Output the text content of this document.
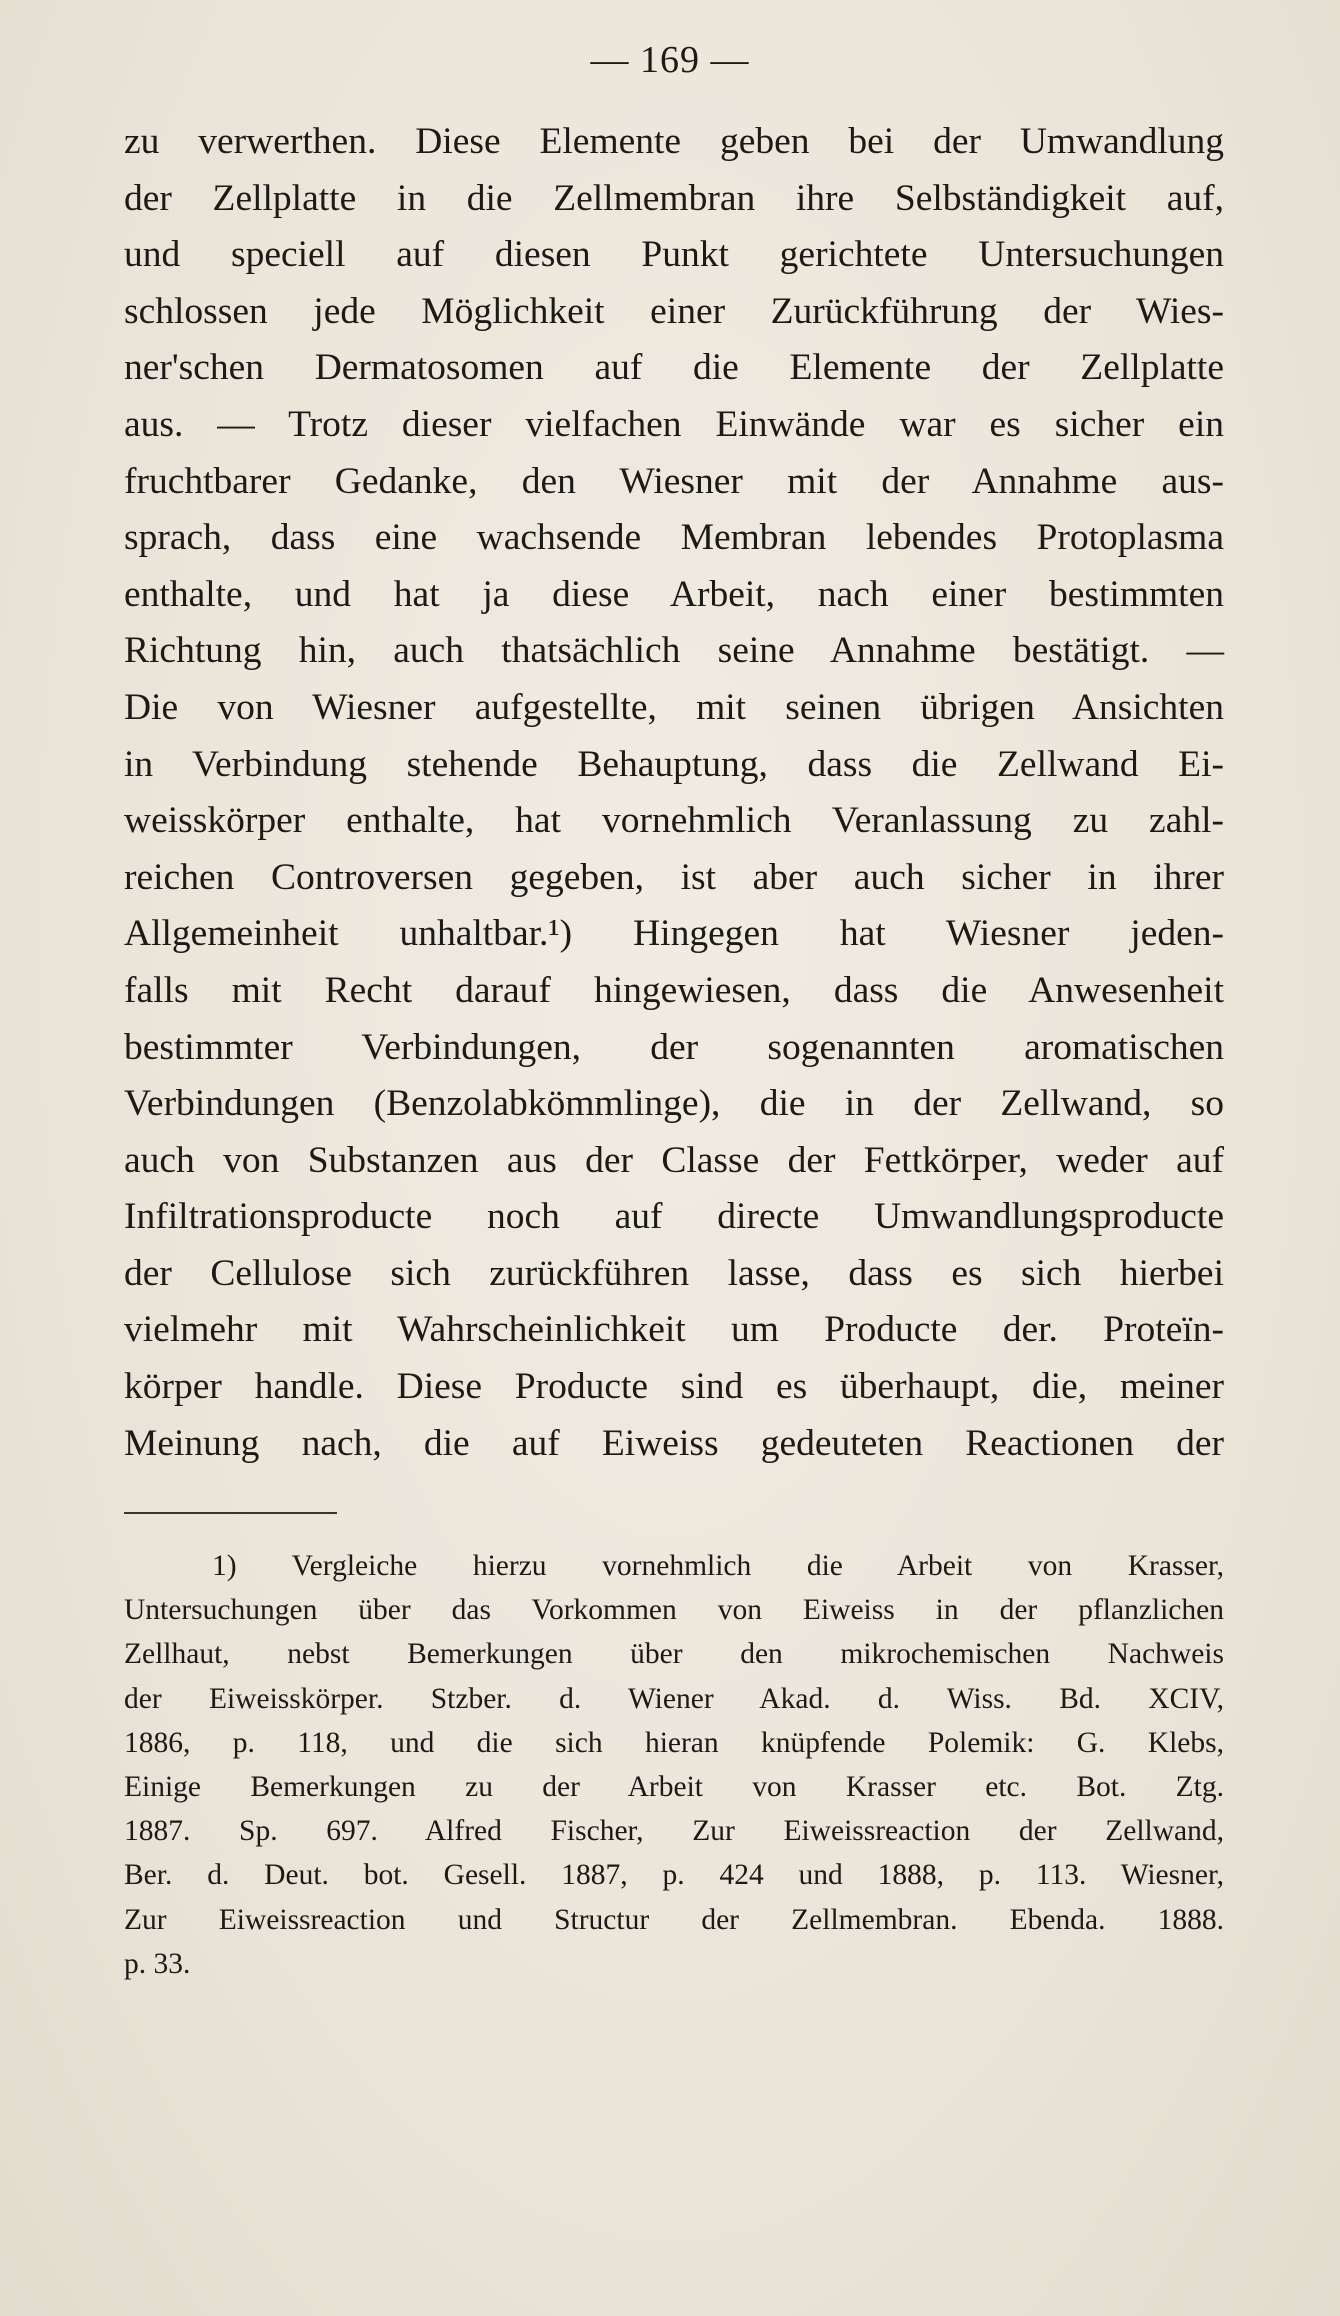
— 169 —
zu verwerthen. Diese Elemente geben bei der Umwandlung
der Zellplatte in die Zellmembran ihre Selbständigkeit auf,
und speciell auf diesen Punkt gerichtete Untersuchungen
schlossen jede Möglichkeit einer Zurückführung der Wies-
ner'schen Dermatosomen auf die Elemente der Zellplatte
aus. — Trotz dieser vielfachen Einwände war es sicher ein
fruchtbarer Gedanke, den Wiesner mit der Annahme aus-
sprach, dass eine wachsende Membran lebendes Protoplasma
enthalte, und hat ja diese Arbeit, nach einer bestimmten
Richtung hin, auch thatsächlich seine Annahme bestätigt. —
Die von Wiesner aufgestellte, mit seinen übrigen Ansichten
in Verbindung stehende Behauptung, dass die Zellwand Ei-
weisskörper enthalte, hat vornehmlich Veranlassung zu zahl-
reichen Controversen gegeben, ist aber auch sicher in ihrer
Allgemeinheit unhaltbar.¹) Hingegen hat Wiesner jeden-
falls mit Recht darauf hingewiesen, dass die Anwesenheit
bestimmter Verbindungen, der sogenannten aromatischen
Verbindungen (Benzolabkömmlinge), die in der Zellwand, so
auch von Substanzen aus der Classe der Fettkörper, weder auf
Infiltrationsproducte noch auf directe Umwandlungsproducte
der Cellulose sich zurückführen lasse, dass es sich hierbei
vielmehr mit Wahrscheinlichkeit um Producte der. Proteïn-
körper handle. Diese Producte sind es überhaupt, die, meiner
Meinung nach, die auf Eiweiss gedeuteten Reactionen der
1) Vergleiche hierzu vornehmlich die Arbeit von Krasser,
Untersuchungen über das Vorkommen von Eiweiss in der pflanzlichen
Zellhaut, nebst Bemerkungen über den mikrochemischen Nachweis
der Eiweisskörper. Stzber. d. Wiener Akad. d. Wiss. Bd. XCIV,
1886, p. 118, und die sich hieran knüpfende Polemik: G. Klebs,
Einige Bemerkungen zu der Arbeit von Krasser etc. Bot. Ztg.
1887. Sp. 697. Alfred Fischer, Zur Eiweissreaction der Zellwand,
Ber. d. Deut. bot. Gesell. 1887, p. 424 und 1888, p. 113. Wiesner,
Zur Eiweissreaction und Structur der Zellmembran. Ebenda. 1888.
p. 33.
